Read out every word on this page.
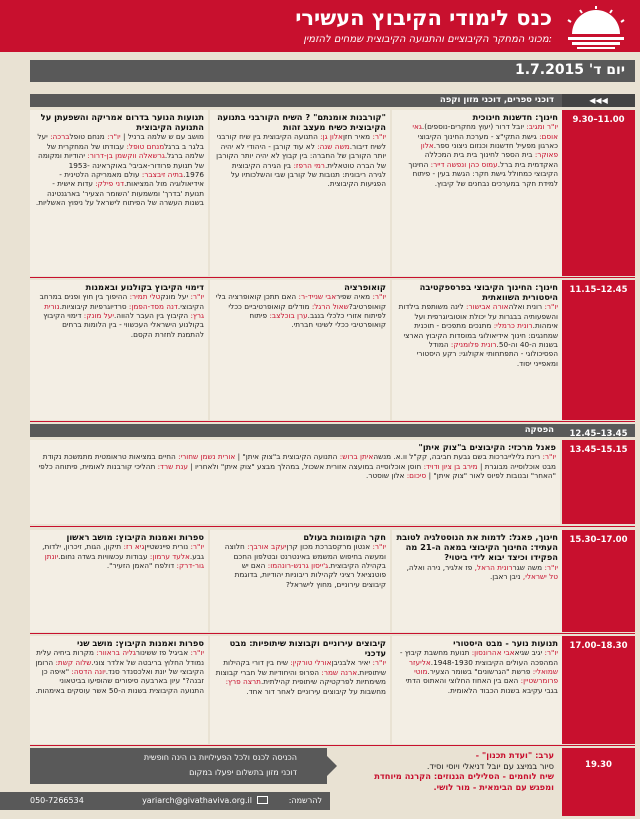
כנס לימודי הקיבוץ העשירי
מכוני המחקר הקיבוציים והתנועה הקיבוצית שמחים להזמין:
יום ד' 1.7.2015
◀◀◀
דוכני ספרים, דוכני מזון וקפה
9.30–11.00
חינוך: חדשנות חינוכית
יו"ר ומגיב: יובל דרור (יעוץ מחקרים-נוספים).גאי אוסם: גישת התקי"צ - מערכת החינוך הקיבוצי כארגון מפעיל חדשנות וכנזום ניצוני ספר.אלון פאוקר: בית הספר לחינוך בית בית המכללה האקדמית בית ברל.עמוס כהן ונפשה דייר: החינוך הקיבוצי כמחולל גישת חקר: הגשת בעין - פיתוח למידת חקר במערכים נבחנים של קיבוץ.
"קורבנות אומנתם" ? השיח הקורבני בתנועה הקיבוצית כשיח מעצב זהות
יו"ר: מאיר חזןאלון גן: התנועה הקיבוצית בין שיח קורבני לשיח דיבור.משה שנה: לא עוד קורבן - היהודי לא יהיה יותר הקורבן של החברה: בין קבוץ לא יהיה יותר הקורבן של הברה טוטאלית.רמי הרפז: בין הגירה הקיבוצית לגירה ריבונית: תנובות של קורבן שבי והשלכותיו על הפגיעות הקיבוצית.
תנועות הנוער בדרום אמריקה והשפעתן על התנועה הקיבוצית
מושב עם ש שלמה ברניל | יו"ר: מנחם טופלברכה: יעל בלגר ב ברגלמנחם טופל: עבודתו של המחקרית של שלמה ברגל.גרשאלה ווקשמן בן-דרור: יהודיות ומקומה של תנועת פרודור-אביבי' באוקראינה 1953-1976.בתיה זיבצבר: עולם מאמריקה הלטינית - אידיאולוגיה מול המציאות.דני פילק: עדות אישית - תנועת 'בדרך' ומשמעות 'השומר הצעיר' בארגנטינה בשנות העשרה של הפיתוח לישראל על ניפוץ האשליות.
11.15–12.45
חינוך: החינוך הקיבוצי בפרספקטיבה היסטורית השוואתית
יו"ר: רונית ואלהאורה אבישור: לינה משותפת בילדות והשפעותיה בבגרות על יכולת אוטוביוגרפית ועל אימהות.רונית כרמלי: מתנכים מתפכים - תוכנית שמחנגים: חינוך אידיאולוגי במוסדות הקיבוץ הארצי בשנות ה-40 וה-50.רונית פלומניק: המודל הפסיכולוגי - התפתחותי אקולוגי: רקע היסטורי ומאפייני יסוד.
קואופרציה
יו"ר: מאיה שפיראבי שנייד-ר: האם תתכן קואופרציה בלי קואופרטיב?שאול הרגל: מודלים קואופרטיביים ככלי לפיתוח אזורי כלכלי בנגב.ערן בוכלצב: פיתוח קואופרטיבי ככלי לשינוי חברתי.
דימוי הקיבוץ בקולנוע ובאמנות
יו"ר: יעל מונקטלי תמיר: ההיפוך בין חוץ ופנים במרחב הקיבוצי.דנה מסד-הפמן: סרדיוגרפיות קיבוציות.נורית גרץ: הקיבוץ בין העבר להווה.יעל מונק: דימוי הקיבוץ בקולנוע הישראלי העכשווי - בין הלומות ברחים להתמנת לחזרת הקסם.
הפסקה	12.45–13.45
13.45–15.15
פאנל מרכזי: הקיבוצים ב"צוק איתן"
יו"ר: רינת גלילייברכות בשם גבעת חביבה, קק"ל וו.א. מנשהאיתן ברוש: התנועה הקיבוצית ב"צוק איתן" | אורית נשמן שחורי: החיים במציאות טראומטית מתמשכת נקודת מבט אוכלוסייה מבוגרת | מירב בן ציון ודויד: חוסן אוכלוסייה במועצה אזורית אשכול, במהלך מבצע "צוק איתן" ולאחריו | ענת שרד: תהליכי קורבנות לאומית, פיתוחה כלפי "האחר" ובנובות לפיוס לאור "צוק איתן" | סיכום: אלון שוסטר.
15.30–17.00
חינוך, פאנל: לדמות את הנוסטלגיה לטובת העתיד: החינוך הקיבוצי במאה ה-21 מה הפקידו וכיצד יבוא לידי ביטוי?
יו"ר: משה שגררונית הראל, פז אלגיר, נירה ואלה, טל ישראלי, ניבן ראבן.
חקר הקומונות בעולם
יו"ר: אנטון מרקסברכת מכון קרןיעקב אורבך: חלוצה ומעשה בחיפוש המשמש באינטרנט ובטלפון החכם בקהילה הקיבוצית.ג'ייסון גרנש-רונהמו: האם יש פוטנציאל רציני לקהילות ריבוניות יהודיות, בדוגמת קיבוצים עירוניים, מחוץ לישראל?
ספרות ואמנות הקיבוץ: מושב ראשון
יו"ר: נורית פיינשטייןגיא רז: תיקון, הגות, זיכרון, ילדות, גבע.אלעד ערמון: עבודות עכשוויות בשדה נחום.יונתן גור-דרק: דולפח "האמן הזעיר".
17.00–18.30
תנועות נוער - מבט היסטורי
יו"ר: יגיב שגיאאבי אהרונסון: תנועת מחשבת קיבוץ - המהפכה העולים הקיבוצית 1948-1930.אליעזר שמואלי: פרשת "הגרשונים" בשומר הצעיר.מוטי פרומרשטיין: האם בין האחוז החלוצי והאתוס הדתי בגבי עקיבא בשנות הכבוד הלאומית.
קיבוצים עירוניים וקבוצות שיתופיות: מבט עדכני
יו"ר: יאיר אלבניבןאורלי טורקין: שיח בין דורי בקהילות שיתופיות.ארנה שמר: הפרופ והיחודיות של חברי קבוצות משימתיות לפרקטיקה שיתופית קהילתית.תרצה פרץ: מחשבות על קיבוצים עירוניים לאחר דור אחד.
ספרות ואמנות הקיבוץ: מושב שני
יו"ר: אביגיל פז ששינורגליה בראוור: מקרות ביחיה עלית נמודל החלוץ בריבטה של אלדר צוני.שלוה קשת: הרומן הקיבוצי של יונת ואלכסנדר סנד.יונה הדסה: "איפה כן זבנה?" עיון בארבעה סיפורים שהופיעו בביטאוני התנועה הקיבוצית בשנות ה-50 אשר עוסקים באימהות.
הכניסה לכנס ולכל הפעילויות בו הינה חופשית
דוכני מזון בתשלום יפעלו במקום
ערב: "ועדת תכנון" -
סיור במיצג עם יובל דניאלי ויוסי וסיד.
שיח לוחמים - הסלילים הגנוזים: הקרנה מיוחדת
ומפגש עם הבימאית - מור לושי.
19.30
להרשמה:
yariarch@givathaviva.org.il
050-7266534
